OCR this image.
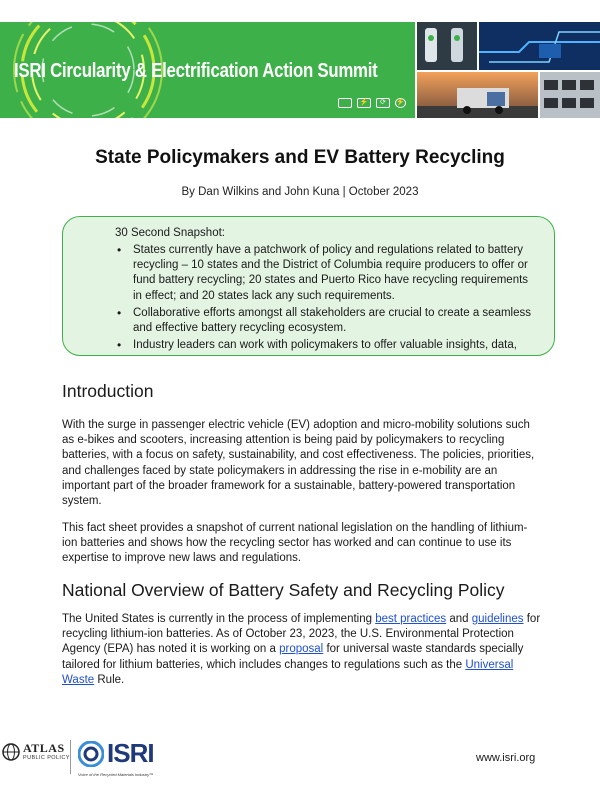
ISRI Circularity & Electrification Action Summit
+
⚡	⟳	⚡
State Policymakers and EV Battery Recycling
By Dan Wilkins and John Kuna | October 2023
30 Second Snapshot:
• States currently have a patchwork of policy and regulations related to battery recycling – 10 states and the District of Columbia require producers to offer or fund battery recycling; 20 states and Puerto Rico have recycling requirements in effect; and 20 states lack any such requirements.
• Collaborative efforts amongst all stakeholders are crucial to create a seamless and effective battery recycling ecosystem.
• Industry leaders can work with policymakers to offer valuable insights, data,
Introduction

With the surge in passenger electric vehicle (EV) adoption and micro-mobility solutions such as e-bikes and scooters, increasing attention is being paid by policymakers to recycling batteries, with a focus on safety, sustainability, and cost effectiveness. The policies, priorities, and challenges faced by state policymakers in addressing the rise in e-mobility are an important part of the broader framework for a sustainable, battery-powered transportation system.

This fact sheet provides a snapshot of current national legislation on the handling of lithium-ion batteries and shows how the recycling sector has worked and can continue to use its expertise to improve new laws and regulations.

National Overview of Battery Safety and Recycling Policy

The United States is currently in the process of implementing best practices and guidelines for recycling lithium-ion batteries. As of October 23, 2023, the U.S. Environmental Protection Agency (EPA) has noted it is working on a proposal for universal waste standards specially tailored for lithium batteries, which includes changes to regulations such as the Universal Waste Rule.

ATLAS
PUBLIC POLICY ISRI
Voice of the Recycled Materials Industry™
www.isri.org
